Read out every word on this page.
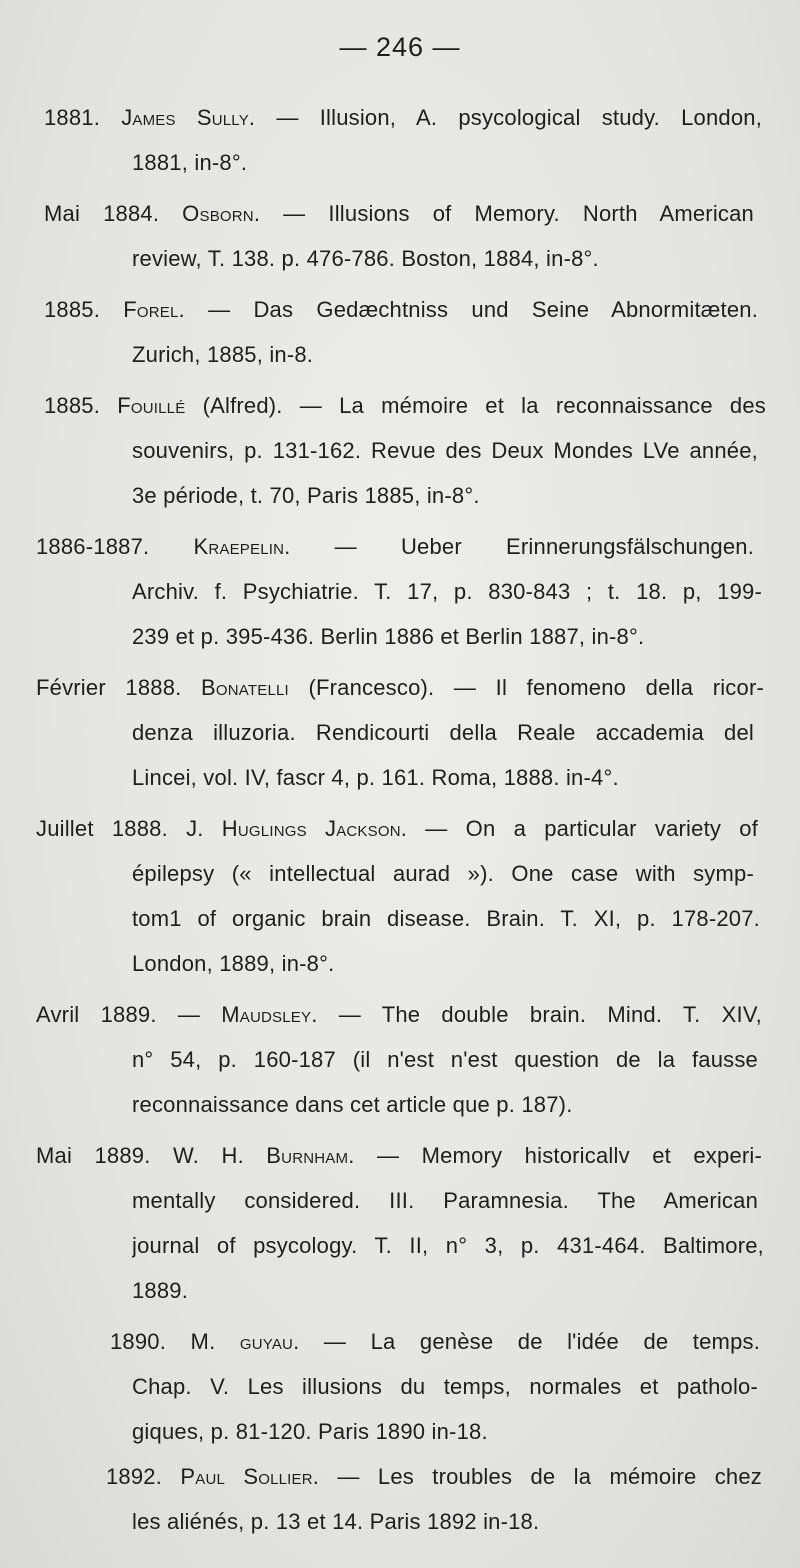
— 246 —
1881. James Sully. — Illusion, A. psycological study. London,
1881, in-8°.
Mai 1884. Osborn. — Illusions of Memory. North American
review, T. 138. p. 476-786. Boston, 1884, in-8°.
1885. Forel. — Das Gedæchtniss und Seine Abnormitæten.
Zurich, 1885, in-8.
1885. Fouillé (Alfred). — La mémoire et la reconnaissance des
souvenirs, p. 131-162. Revue des Deux Mondes LVe année,
3e période, t. 70, Paris 1885, in-8°.
1886-1887. Kraepelin. — Ueber Erinnerungsfälschungen.
Archiv. f. Psychiatrie. T. 17, p. 830-843 ; t. 18. p, 199-
239 et p. 395-436. Berlin 1886 et Berlin 1887, in-8°.
Février 1888. Bonatelli (Francesco). — Il fenomeno della ricor-
denza illuzoria. Rendicourti della Reale accademia del
Lincei, vol. IV, fascr 4, p. 161. Roma, 1888. in-4°.
Juillet 1888. J. Huglings Jackson. — On a particular variety of
épilepsy (« intellectual aurad »). One case with symp-
tom1 of organic brain disease. Brain. T. XI, p. 178-207.
London, 1889, in-8°.
Avril 1889. — Maudsley. — The double brain. Mind. T. XIV,
n° 54, p. 160-187 (il n'est n'est question de la fausse
reconnaissance dans cet article que p. 187).
Mai 1889. W. H. Burnham. — Memory historicallv et experi-
mentally considered. III. Paramnesia. The American
journal of psycology. T. II, n° 3, p. 431-464. Baltimore,
1889.
1890. M. guyau. — La genèse de l'idée de temps.
Chap. V. Les illusions du temps, normales et patholo-
giques, p. 81-120. Paris 1890 in-18.
1892. Paul Sollier. — Les troubles de la mémoire chez
les aliénés, p. 13 et 14. Paris 1892 in-18.
